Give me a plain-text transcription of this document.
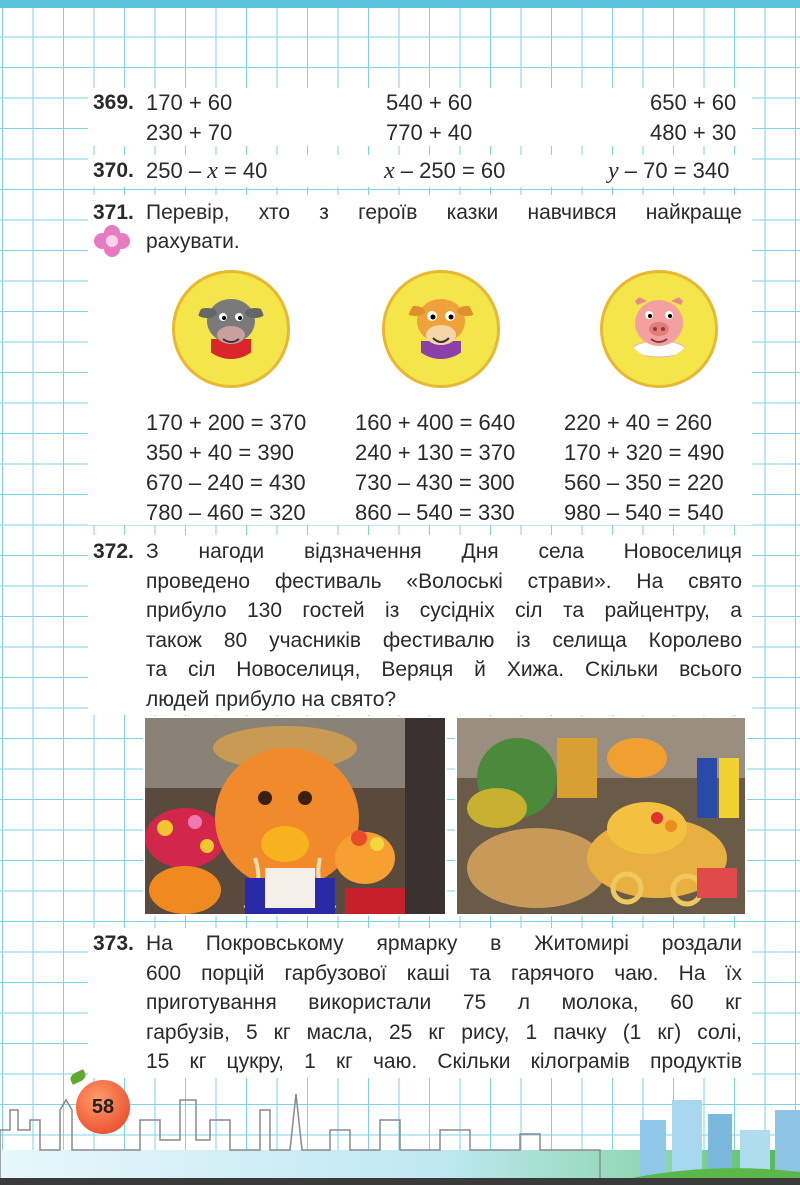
369. 170 + 60
230 + 70
540 + 60
770 + 40
650 + 60
480 + 30
370. 250 – x = 40	x – 250 = 60	y – 70 = 340
371. Перевір, хто з героїв казки навчився найкраще
рахувати.
170 + 200 = 370
350 + 40 = 390
670 – 240 = 430
780 – 460 = 320
160 + 400 = 640
240 + 130 = 370
730 – 430 = 300
860 – 540 = 330
220 + 40 = 260
170 + 320 = 490
560 – 350 = 220
980 – 540 = 540
372. З нагоди відзначення Дня села Новоселиця
проведено фестиваль «Волоські страви». На свято
прибуло 130 гостей із сусідніх сіл та райцентру, а
також 80 учасників фестивалю із селища Королево
та сіл Новоселиця, Веряця й Хижа. Скільки всього
людей прибуло на свято?
373. На Покровському ярмарку в Житомирі роздали
600 порцій гарбузової каші та гарячого чаю. На їх
приготування використали 75 л молока, 60 кг
гарбузів, 5 кг масла, 25 кг рису, 1 пачку (1 кг) солі,
15 кг цукру, 1 кг чаю. Скільки кілограмів продуктів
58
